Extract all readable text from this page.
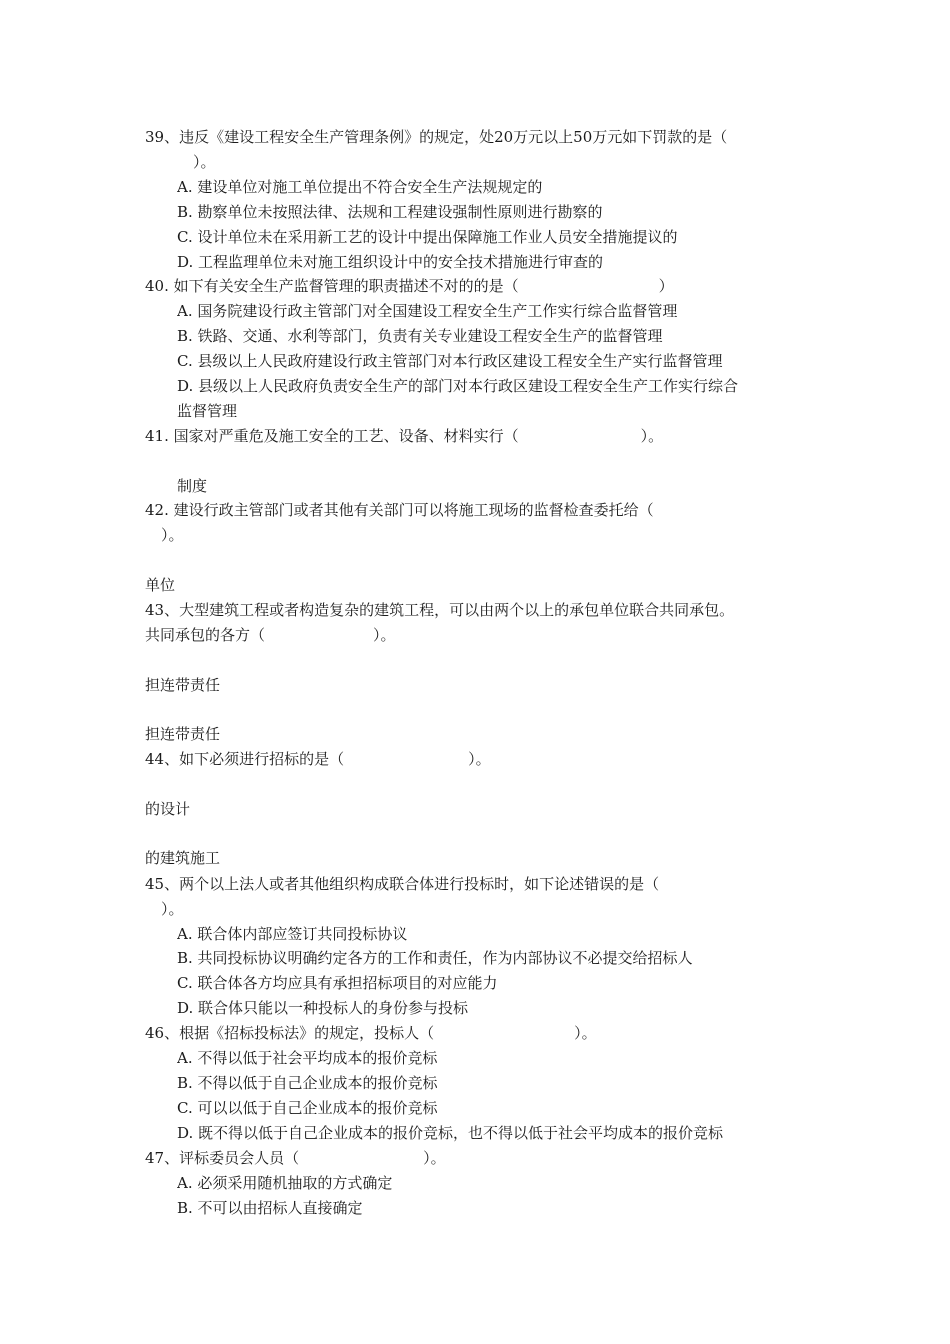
39、违反《建设工程安全生产管理条例》的规定，处20万元以上50万元如下罚款的是（
）。
A. 建设单位对施工单位提出不符合安全生产法规规定的
B. 勘察单位未按照法律、法规和工程建设强制性原则进行勘察的
C. 设计单位未在采用新工艺的设计中提出保障施工作业人员安全措施提议的
D. 工程监理单位未对施工组织设计中的安全技术措施进行审查的
40. 如下有关安全生产监督管理的职责描述不对的的是（	）
A. 国务院建设行政主管部门对全国建设工程安全生产工作实行综合监督管理
B. 铁路、交通、水利等部门，负责有关专业建设工程安全生产的监督管理
C. 县级以上人民政府建设行政主管部门对本行政区建设工程安全生产实行监督管理
D. 县级以上人民政府负责安全生产的部门对本行政区建设工程安全生产工作实行综合
监督管理
41. 国家对严重危及施工安全的工艺、设备、材料实行（	）。

制度
42. 建设行政主管部门或者其他有关部门可以将施工现场的监督检查委托给（
）。

单位
43、大型建筑工程或者构造复杂的建筑工程，可以由两个以上的承包单位联合共同承包。
共同承包的各方（	）。

担连带责任

担连带责任
44、如下必须进行招标的是（	）。

的设计

的建筑施工
45、两个以上法人或者其他组织构成联合体进行投标时，如下论述错误的是（
）。
A. 联合体内部应签订共同投标协议
B. 共同投标协议明确约定各方的工作和责任，作为内部协议不必提交给招标人
C. 联合体各方均应具有承担招标项目的对应能力
D. 联合体只能以一种投标人的身份参与投标
46、根据《招标投标法》的规定，投标人（	）。
A. 不得以低于社会平均成本的报价竞标
B. 不得以低于自己企业成本的报价竞标
C. 可以以低于自己企业成本的报价竞标
D. 既不得以低于自己企业成本的报价竞标，也不得以低于社会平均成本的报价竞标
47、评标委员会人员（	）。
A. 必须采用随机抽取的方式确定
B. 不可以由招标人直接确定
